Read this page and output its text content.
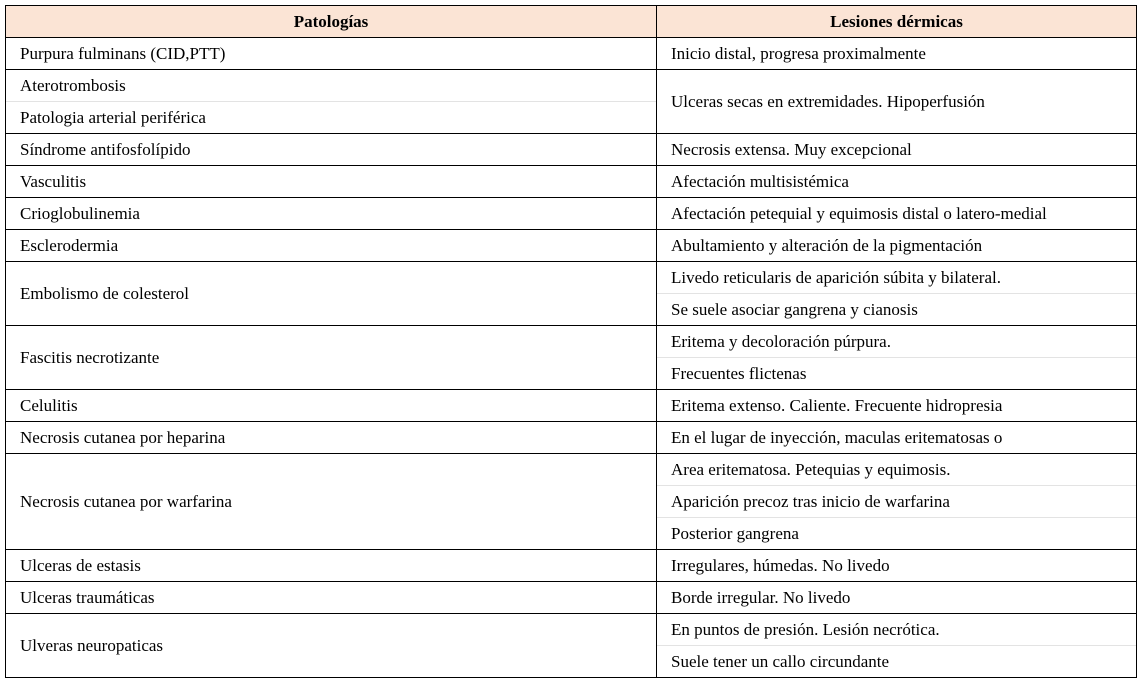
Patologías	Lesiones dérmicas

Purpura fulminans (CID,PTT)	Inicio distal, progresa proximalmente

Aterotrombosis
Patologia arterial periférica	Ulceras secas en extremidades. Hipoperfusión

Síndrome antifosfolípido	Necrosis extensa. Muy excepcional

Vasculitis	Afectación multisistémica

Crioglobulinemia	Afectación petequial y equimosis distal o latero-medial

Esclerodermia	Abultamiento y alteración de la pigmentación

Embolismo de colesterol	Livedo reticularis de aparición súbita y bilateral.
Se suele asociar gangrena y cianosis

Fascitis necrotizante	Eritema y decoloración púrpura.
Frecuentes flictenas

Celulitis	Eritema extenso. Caliente. Frecuente hidropresia

Necrosis cutanea por heparina	En el lugar de inyección, maculas eritematosas o

Necrosis cutanea por warfarina	Area eritematosa. Petequias y equimosis.
Aparición precoz tras inicio de warfarina
Posterior gangrena

Ulceras de estasis	Irregulares, húmedas. No livedo

Ulceras traumáticas	Borde irregular. No livedo

Ulveras neuropaticas	En puntos de presión. Lesión necrótica.
Suele tener un callo circundante
